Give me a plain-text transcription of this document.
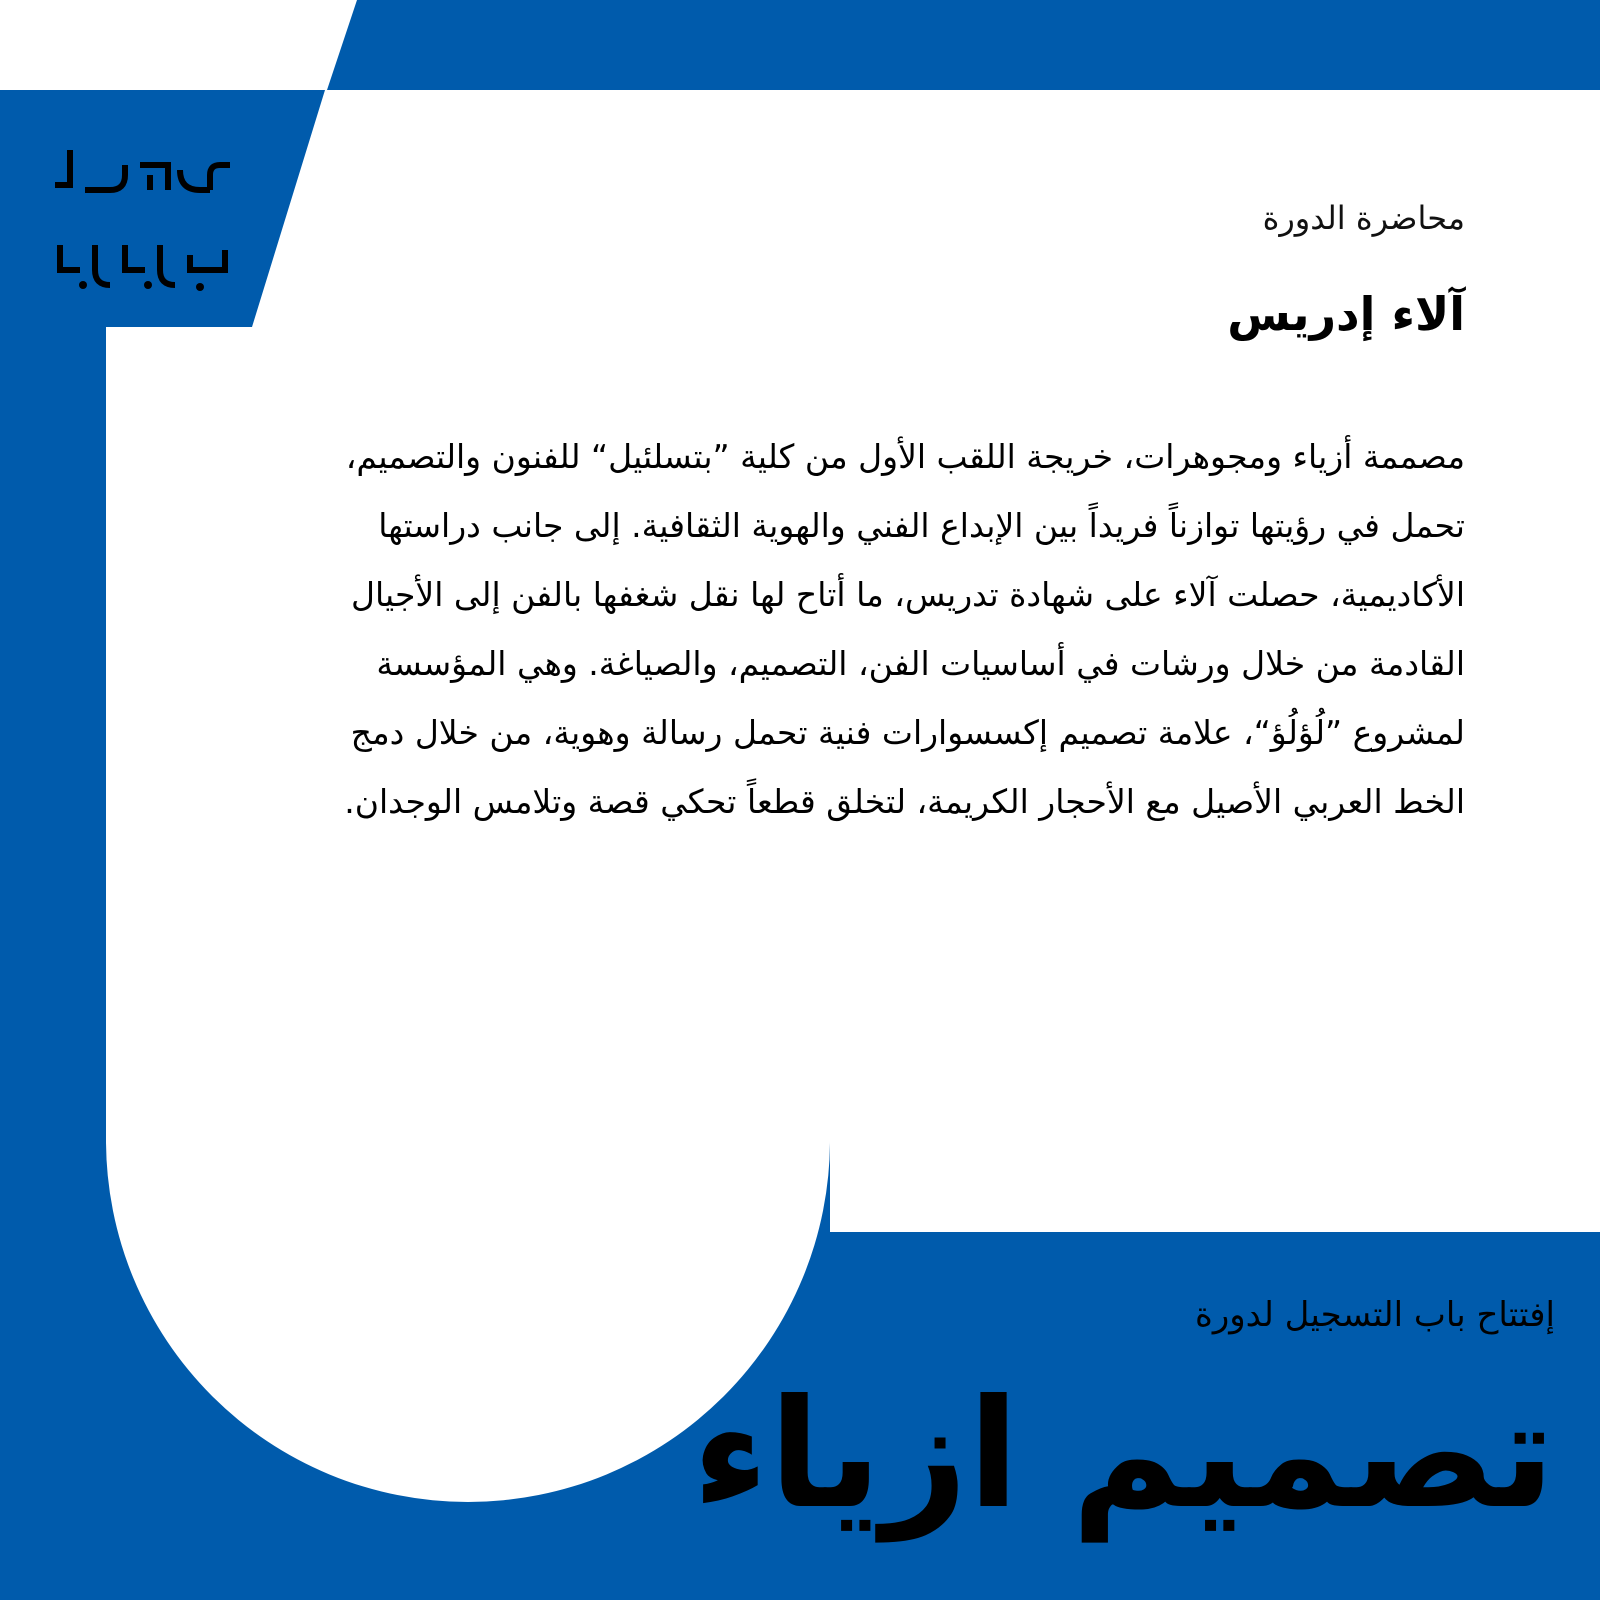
محاضرة الدورة

آلاء إدريس

مصممة أزياء ومجوهرات، خريجة اللقب الأول من كلية ”بتسلئيل“ للفنون والتصميم، تحمل في رؤيتها توازناً فريداً بين الإبداع الفني والهوية الثقافية. إلى جانب دراستها الأكاديمية، حصلت آلاء على شهادة تدريس، ما أتاح لها نقل شغفها بالفن إلى الأجيال القادمة من خلال ورشات في أساسيات الفن، التصميم، والصياغة. وهي المؤسسة لمشروع ”لُؤلُؤ“، علامة تصميم إكسسوارات فنية تحمل رسالة وهوية، من خلال دمج الخط العربي الأصيل مع الأحجار الكريمة، لتخلق قطعاً تحكي قصة وتلامس الوجدان.

إفتتاح باب التسجيل لدورة

تصميم ازياء
